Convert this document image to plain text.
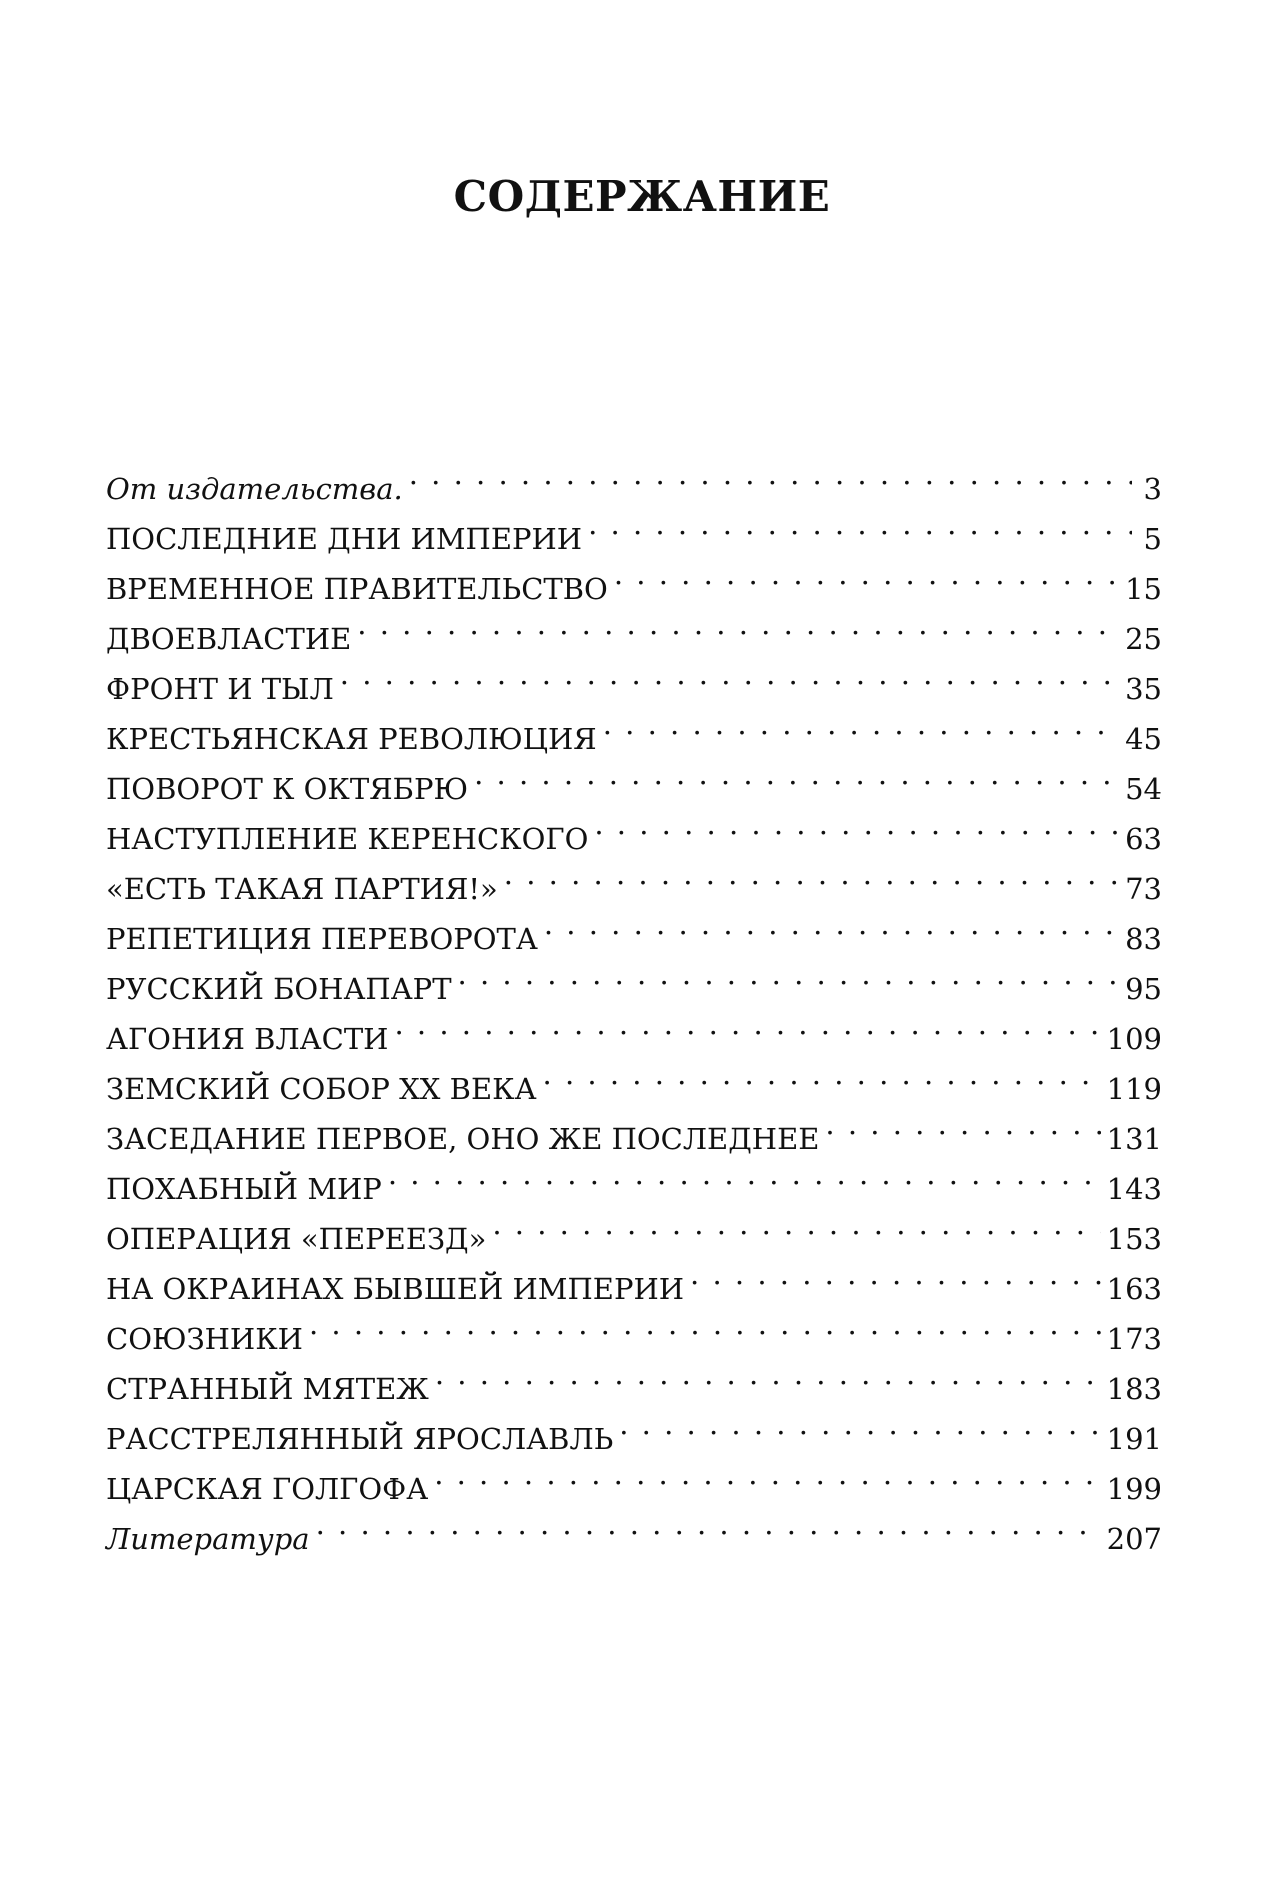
СОДЕРЖАНИЕ
От издательства. . . .	3
ПОСЛЕДНИЕ ДНИ ИМПЕРИИ . . .	5
ВРЕМЕННОЕ ПРАВИТЕЛЬСТВО . . .	15
ДВОЕВЛАСТИЕ . . .	25
ФРОНТ И ТЫЛ . . .	35
КРЕСТЬЯНСКАЯ РЕВОЛЮЦИЯ . . .	45
ПОВОРОТ К ОКТЯБРЮ . . .	54
НАСТУПЛЕНИЕ КЕРЕНСКОГО . . .	63
«ЕСТЬ ТАКАЯ ПАРТИЯ!» . . .	73
РЕПЕТИЦИЯ ПЕРЕВОРОТА . . .	83
РУССКИЙ БОНАПАРТ . . .	95
АГОНИЯ ВЛАСТИ . . .	109
ЗЕМСКИЙ СОБОР XX ВЕКА . . .	119
ЗАСЕДАНИЕ ПЕРВОЕ, ОНО ЖЕ ПОСЛЕДНЕЕ . . .	131
ПОХАБНЫЙ МИР . . .	143
ОПЕРАЦИЯ «ПЕРЕЕЗД» . . .	153
НА ОКРАИНАХ БЫВШЕЙ ИМПЕРИИ . . .	163
СОЮЗНИКИ . . .	173
СТРАННЫЙ МЯТЕЖ . . .	183
РАССТРЕЛЯННЫЙ ЯРОСЛАВЛЬ . . .	191
ЦАРСКАЯ ГОЛГОФА . . .	199
Литература . . .	207
